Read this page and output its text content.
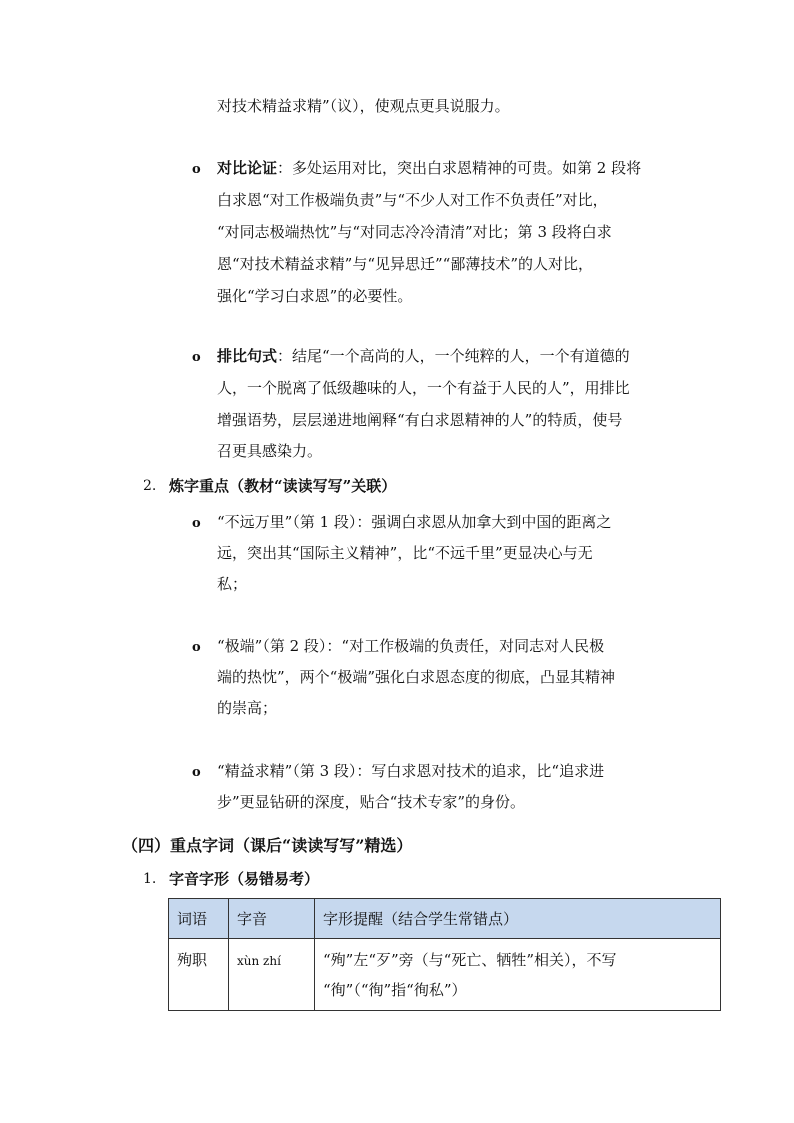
对技术精益求精”（议），使观点更具说服力。
o 对比论证：多处运用对比，突出白求恩精神的可贵。如第 2 段将
白求恩“对工作极端负责”与“不少人对工作不负责任”对比，
“对同志极端热忱”与“对同志冷冷清清”对比；第 3 段将白求
恩“对技术精益求精”与“见异思迁”“鄙薄技术”的人对比，
强化“学习白求恩”的必要性。
o 排比句式：结尾“一个高尚的人，一个纯粹的人，一个有道德的
人，一个脱离了低级趣味的人，一个有益于人民的人”，用排比
增强语势，层层递进地阐释“有白求恩精神的人”的特质，使号
召更具感染力。
2. 炼字重点（教材“读读写写”关联）
o “不远万里”（第 1 段）：强调白求恩从加拿大到中国的距离之
远，突出其“国际主义精神”，比“不远千里”更显决心与无
私；
o “极端”（第 2 段）：“对工作极端的负责任，对同志对人民极
端的热忱”，两个“极端”强化白求恩态度的彻底，凸显其精神
的崇高；
o “精益求精”（第 3 段）：写白求恩对技术的追求，比“追求进
步”更显钻研的深度，贴合“技术专家”的身份。
（四）重点字词（课后“读读写写”精选）
1. 字音字形（易错易考）
词语	字音	字形提醒（结合学生常错点）
殉职	xùn zhí	“殉”左“歹”旁（与“死亡、牺牲”相关），不写
“徇”（“徇”指“徇私”）
